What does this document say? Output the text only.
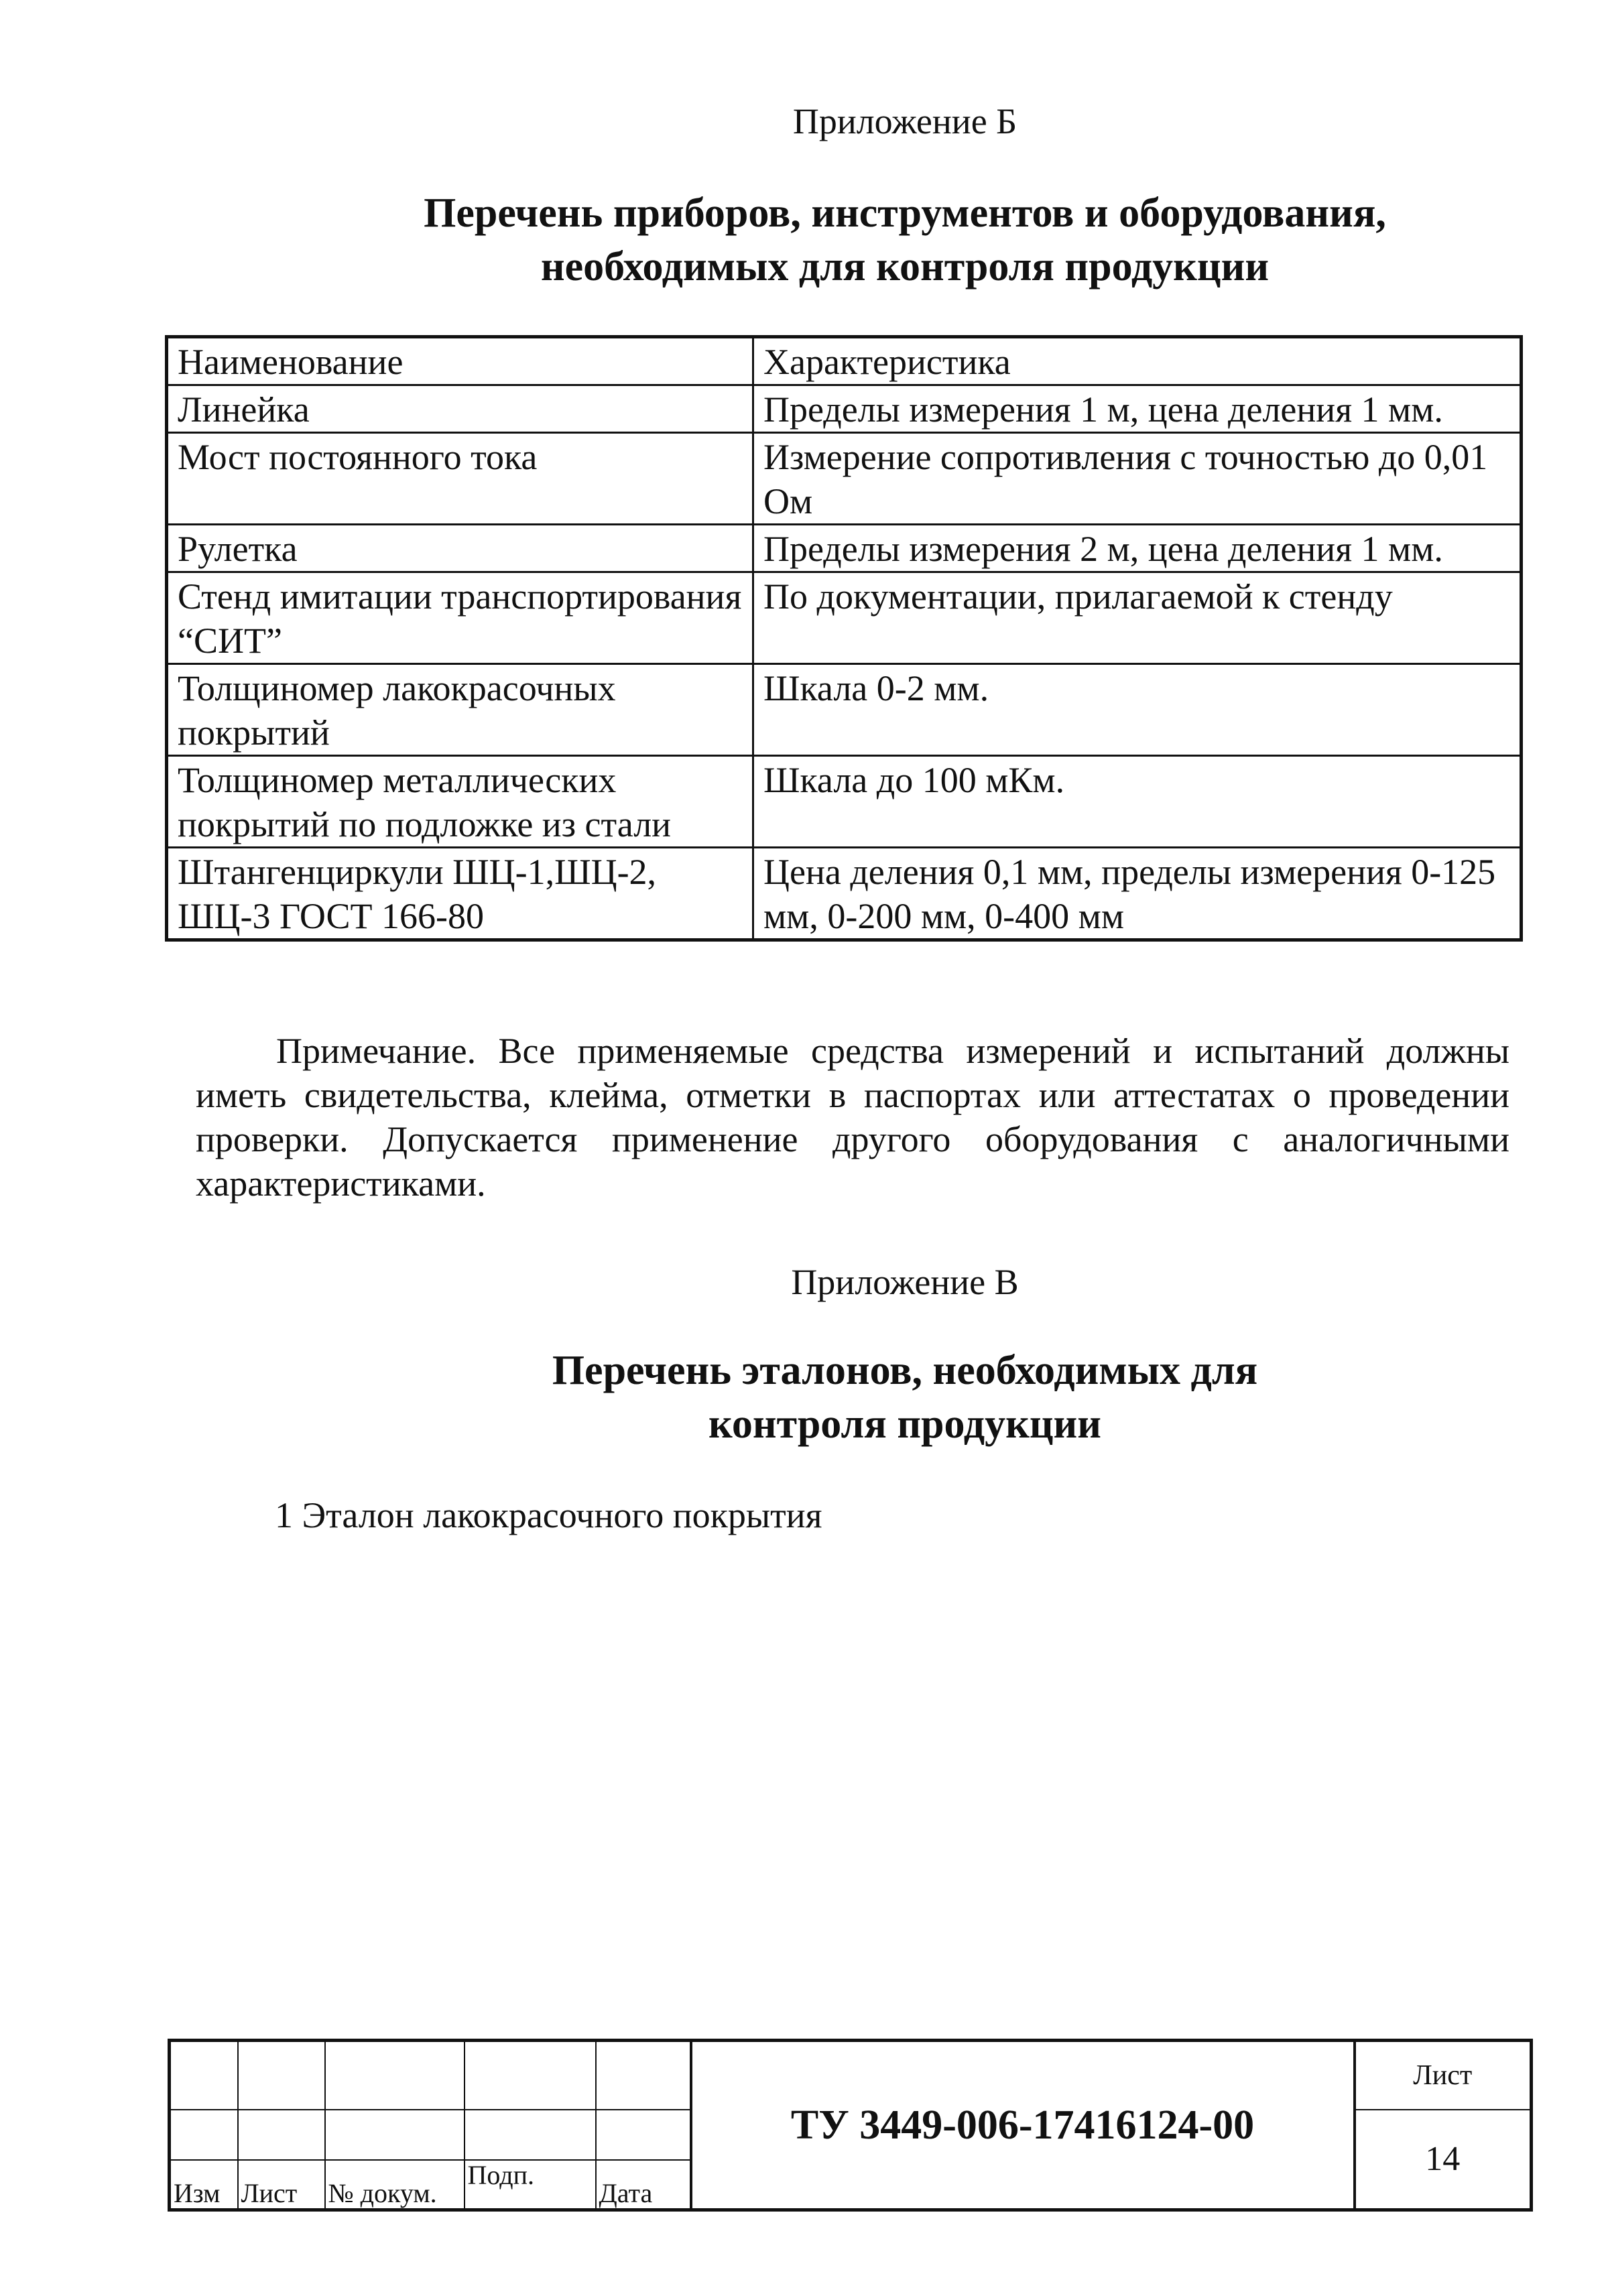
Приложение Б
Перечень приборов, инструментов и оборудования,
необходимых для контроля продукции
Наименование	Характеристика
Линейка	Пределы измерения 1 м, цена деления 1 мм.
Мост постоянного тока	Измерение сопротивления с точностью до 0,01 Ом
Рулетка	Пределы измерения 2 м, цена деления 1 мм.
Стенд имитации транспортирования “СИТ”	По документации, прилагаемой к стенду
Толщиномер лакокрасочных покрытий	Шкала 0-2 мм.
Толщиномер металлических покрытий по подложке из стали	Шкала до 100 мКм.
Штангенциркули ШЦ-1,ШЦ-2, ШЦ-3 ГОСТ 166-80	Цена деления 0,1 мм, пределы измерения 0-125 мм, 0-200 мм, 0-400 мм

Примечание. Все применяемые средства измерений и испытаний должны иметь свидетельства, клейма, отметки в паспортах или аттестатах о проведении проверки. Допускается применение другого оборудования с аналогичными характеристиками.

Приложение В
Перечень эталонов, необходимых для
контроля продукции
1 Эталон лакокрасочного покрытия
					ТУ 3449-006-17416124-00	Лист
						14
Изм	Лист	№ докум.	Подп.	Дата		
